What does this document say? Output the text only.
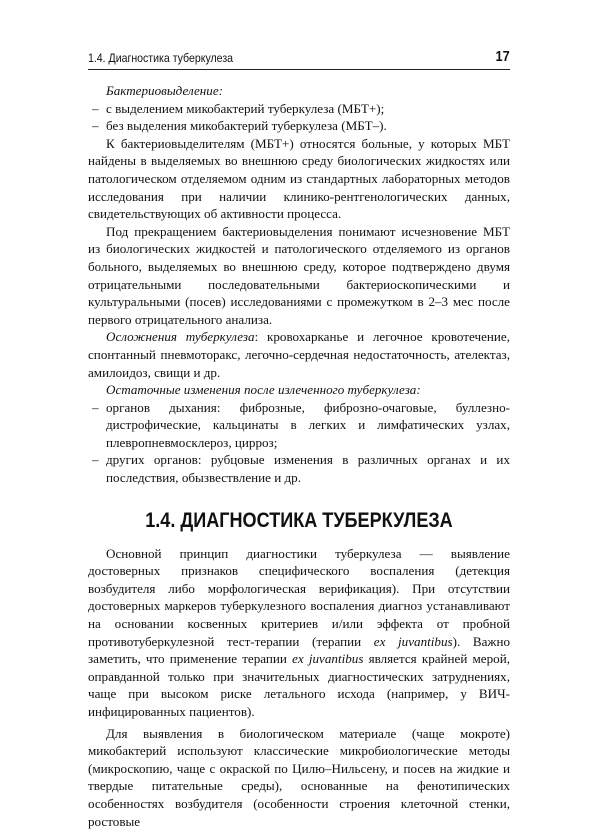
1.4. Диагностика туберкулеза	17

Бактериовыделение:

– с выделением микобактерий туберкулеза (МБТ+);
– без выделения микобактерий туберкулеза (МБТ–).

К бактериовыделителям (МБТ+) относятся больные, у которых МБТ найдены в выделяемых во внешнюю среду биологических жидкостях или патологическом отделяемом одним из стандартных лабораторных методов исследования при наличии клинико-рентгенологических данных, свидетельствующих об активности процесса.

Под прекращением бактериовыделения понимают исчезновение МБТ из биологических жидкостей и патологического отделяемого из органов больного, выделяемых во внешнюю среду, которое подтверждено двумя отрицательными последовательными бактериоскопическими и культуральными (посев) исследованиями с промежутком в 2–3 мес после первого отрицательного анализа.

Осложнения туберкулеза: кровохарканье и легочное кровотечение, спонтанный пневмоторакс, легочно-сердечная недостаточность, ателектаз, амилоидоз, свищи и др.

Остаточные изменения после излеченного туберкулеза:

– органов дыхания: фиброзные, фиброзно-очаговые, буллезно-дистрофические, кальцинаты в легких и лимфатических узлах, плевропневмосклероз, цирроз;
– других органов: рубцовые изменения в различных органах и их последствия, обызвествление и др.
1.4. ДИАГНОСТИКА ТУБЕРКУЛЕЗА

Основной принцип диагностики туберкулеза — выявление достоверных признаков специфического воспаления (детекция возбудителя либо морфологическая верификация). При отсутствии достоверных маркеров туберкулезного воспаления диагноз устанавливают на основании косвенных критериев и/или эффекта от пробной противотуберкулезной тест-терапии (терапии ex juvantibus). Важно заметить, что применение терапии ex juvantibus является крайней мерой, оправданной только при значительных диагностических затруднениях, чаще при высоком риске летального исхода (например, у ВИЧ-инфицированных пациентов).

Для выявления в биологическом материале (чаще мокроте) микобактерий используют классические микробиологические методы (микроскопию, чаще с окраской по Цилю–Нильсену, и посев на жидкие и твердые питательные среды), основанные на фенотипических особенностях возбудителя (особенности строения клеточной стенки, ростовые
